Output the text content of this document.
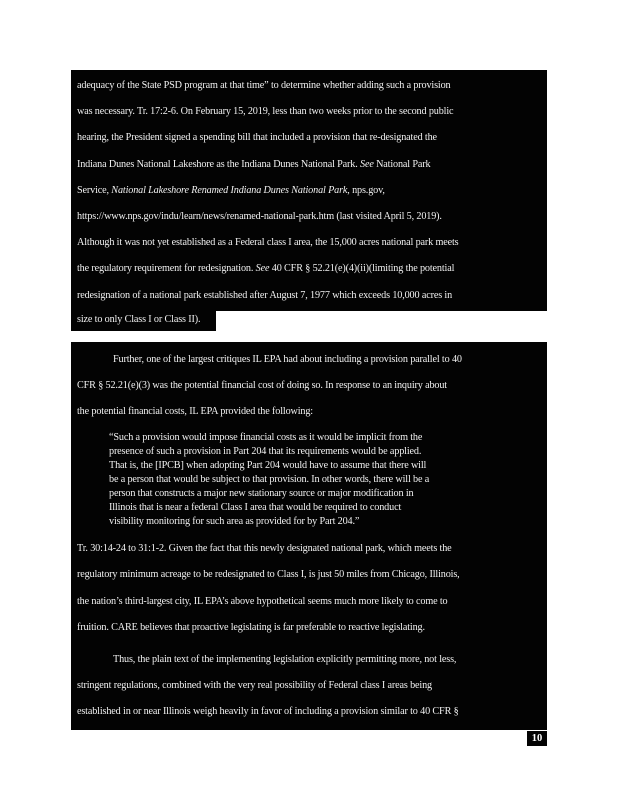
adequacy of the State PSD program at that time” to determine whether adding such a provision
was necessary. Tr. 17:2-6. On February 15, 2019, less than two weeks prior to the second public
hearing, the President signed a spending bill that included a provision that re-designated the
Indiana Dunes National Lakeshore as the Indiana Dunes National Park. See National Park
Service, National Lakeshore Renamed Indiana Dunes National Park, nps.gov,
https://www.nps.gov/indu/learn/news/renamed-national-park.htm (last visited April 5, 2019).
Although it was not yet established as a Federal class I area, the 15,000 acres national park meets
the regulatory requirement for redesignation. See 40 CFR § 52.21(e)(4)(ii)(limiting the potential
redesignation of a national park established after August 7, 1977 which exceeds 10,000 acres in
size to only Class I or Class II).
Further, one of the largest critiques IL EPA had about including a provision parallel to 40
CFR § 52.21(e)(3) was the potential financial cost of doing so. In response to an inquiry about
the potential financial costs, IL EPA provided the following:
“Such a provision would impose financial costs as it would be implicit from the
presence of such a provision in Part 204 that its requirements would be applied.
That is, the [IPCB] when adopting Part 204 would have to assume that there will
be a person that would be subject to that provision. In other words, there will be a
person that constructs a major new stationary source or major modification in
Illinois that is near a federal Class I area that would be required to conduct
visibility monitoring for such area as provided for by Part 204.”
Tr. 30:14-24 to 31:1-2. Given the fact that this newly designated national park, which meets the
regulatory minimum acreage to be redesignated to Class I, is just 50 miles from Chicago, Illinois,
the nation’s third-largest city, IL EPA’s above hypothetical seems much more likely to come to
fruition. CARE believes that proactive legislating is far preferable to reactive legislating.
Thus, the plain text of the implementing legislation explicitly permitting more, not less,
stringent regulations, combined with the very real possibility of Federal class I areas being
established in or near Illinois weigh heavily in favor of including a provision similar to 40 CFR §
10
